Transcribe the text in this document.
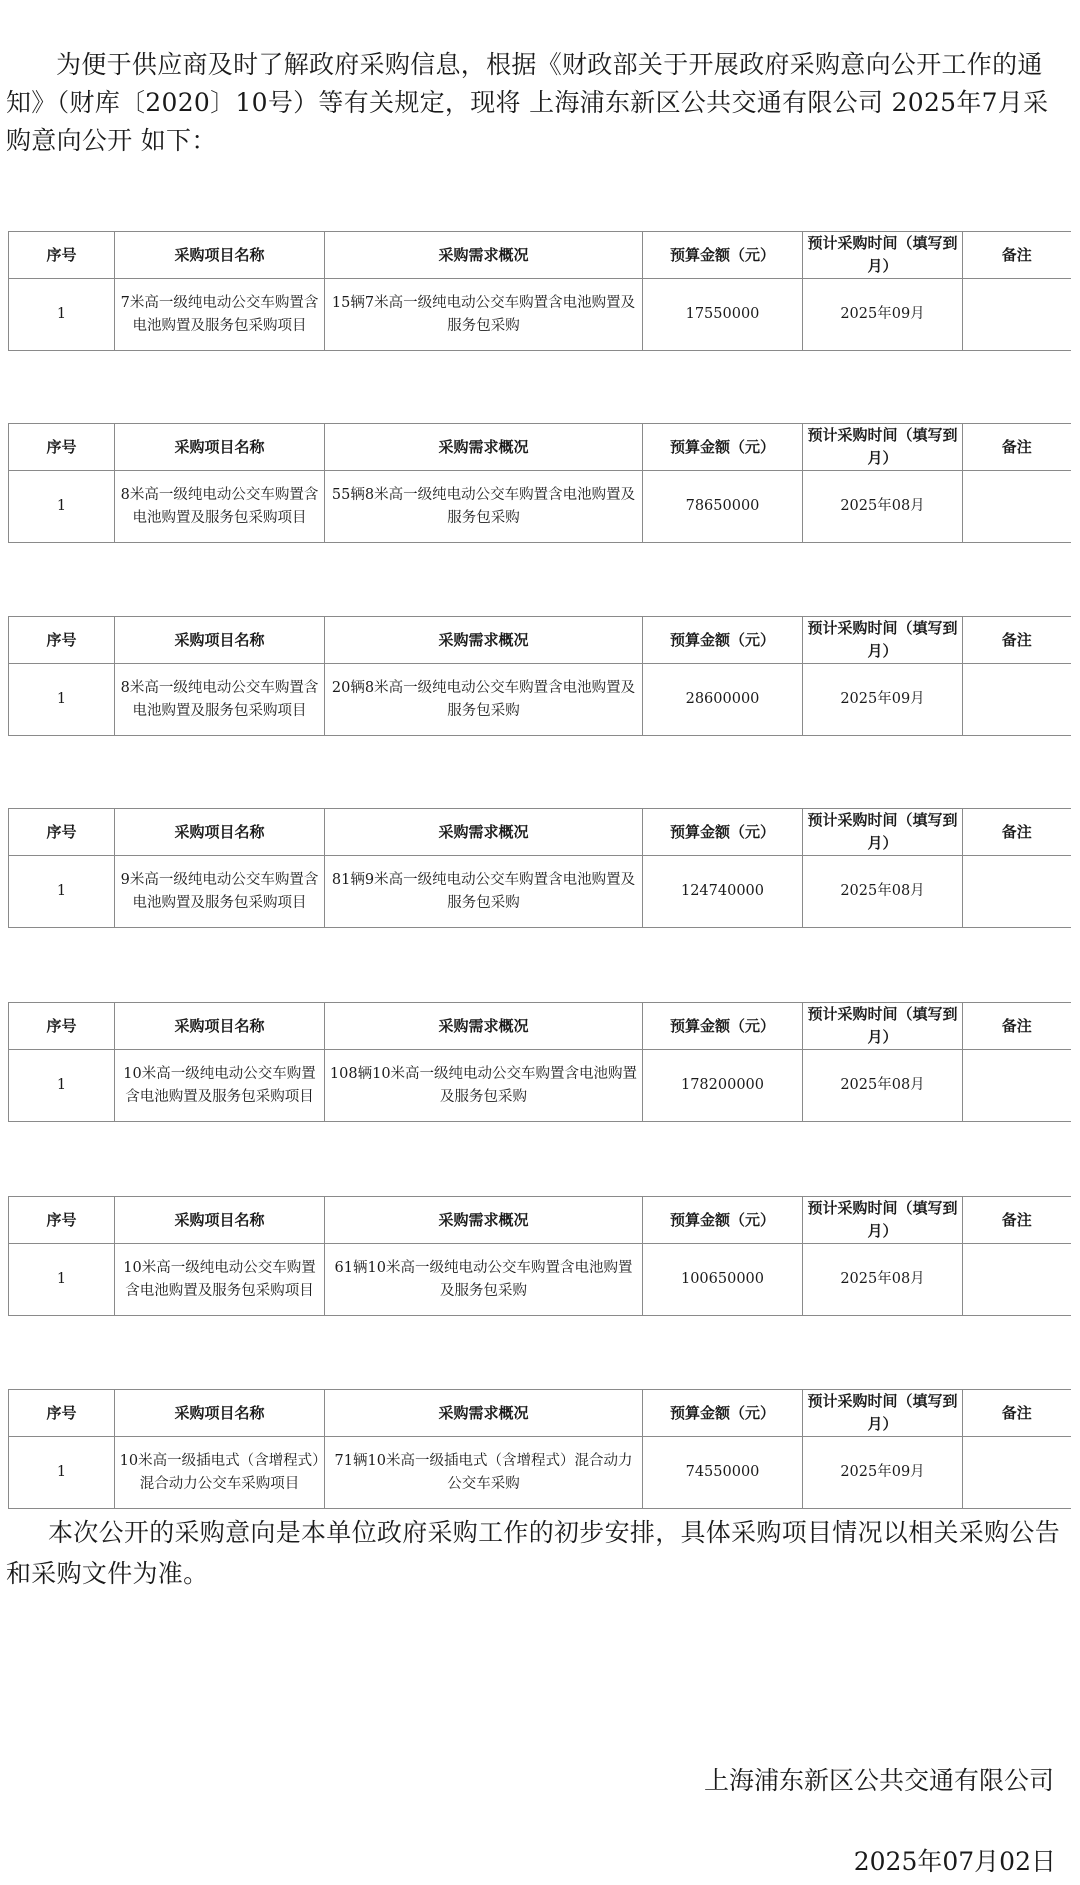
为便于供应商及时了解政府采购信息，根据《财政部关于开展政府采购意向公开工作的通知》（财库〔2020〕10号）等有关规定，现将 上海浦东新区公共交通有限公司 2025年7月采购意向公开 如下：

序号	采购项目名称	采购需求概况	预算金额（元）	预计采购时间（填写到月）	备注
1	7米高一级纯电动公交车购置含电池购置及服务包采购项目	15辆7米高一级纯电动公交车购置含电池购置及服务包采购	17550000	2025年09月	
序号	采购项目名称	采购需求概况	预算金额（元）	预计采购时间（填写到月）	备注
1	8米高一级纯电动公交车购置含电池购置及服务包采购项目	55辆8米高一级纯电动公交车购置含电池购置及服务包采购	78650000	2025年08月	
序号	采购项目名称	采购需求概况	预算金额（元）	预计采购时间（填写到月）	备注
1	8米高一级纯电动公交车购置含电池购置及服务包采购项目	20辆8米高一级纯电动公交车购置含电池购置及服务包采购	28600000	2025年09月	
序号	采购项目名称	采购需求概况	预算金额（元）	预计采购时间（填写到月）	备注
1	9米高一级纯电动公交车购置含电池购置及服务包采购项目	81辆9米高一级纯电动公交车购置含电池购置及服务包采购	124740000	2025年08月	
序号	采购项目名称	采购需求概况	预算金额（元）	预计采购时间（填写到月）	备注
1	10米高一级纯电动公交车购置含电池购置及服务包采购项目	108辆10米高一级纯电动公交车购置含电池购置及服务包采购	178200000	2025年08月	
序号	采购项目名称	采购需求概况	预算金额（元）	预计采购时间（填写到月）	备注
1	10米高一级纯电动公交车购置含电池购置及服务包采购项目	61辆10米高一级纯电动公交车购置含电池购置及服务包采购	100650000	2025年08月	
序号	采购项目名称	采购需求概况	预算金额（元）	预计采购时间（填写到月）	备注
1	10米高一级插电式（含增程式）混合动力公交车采购项目	71辆10米高一级插电式（含增程式）混合动力公交车采购	74550000	2025年09月	

本次公开的采购意向是本单位政府采购工作的初步安排，具体采购项目情况以相关采购公告和采购文件为准。

上海浦东新区公共交通有限公司
2025年07月02日
